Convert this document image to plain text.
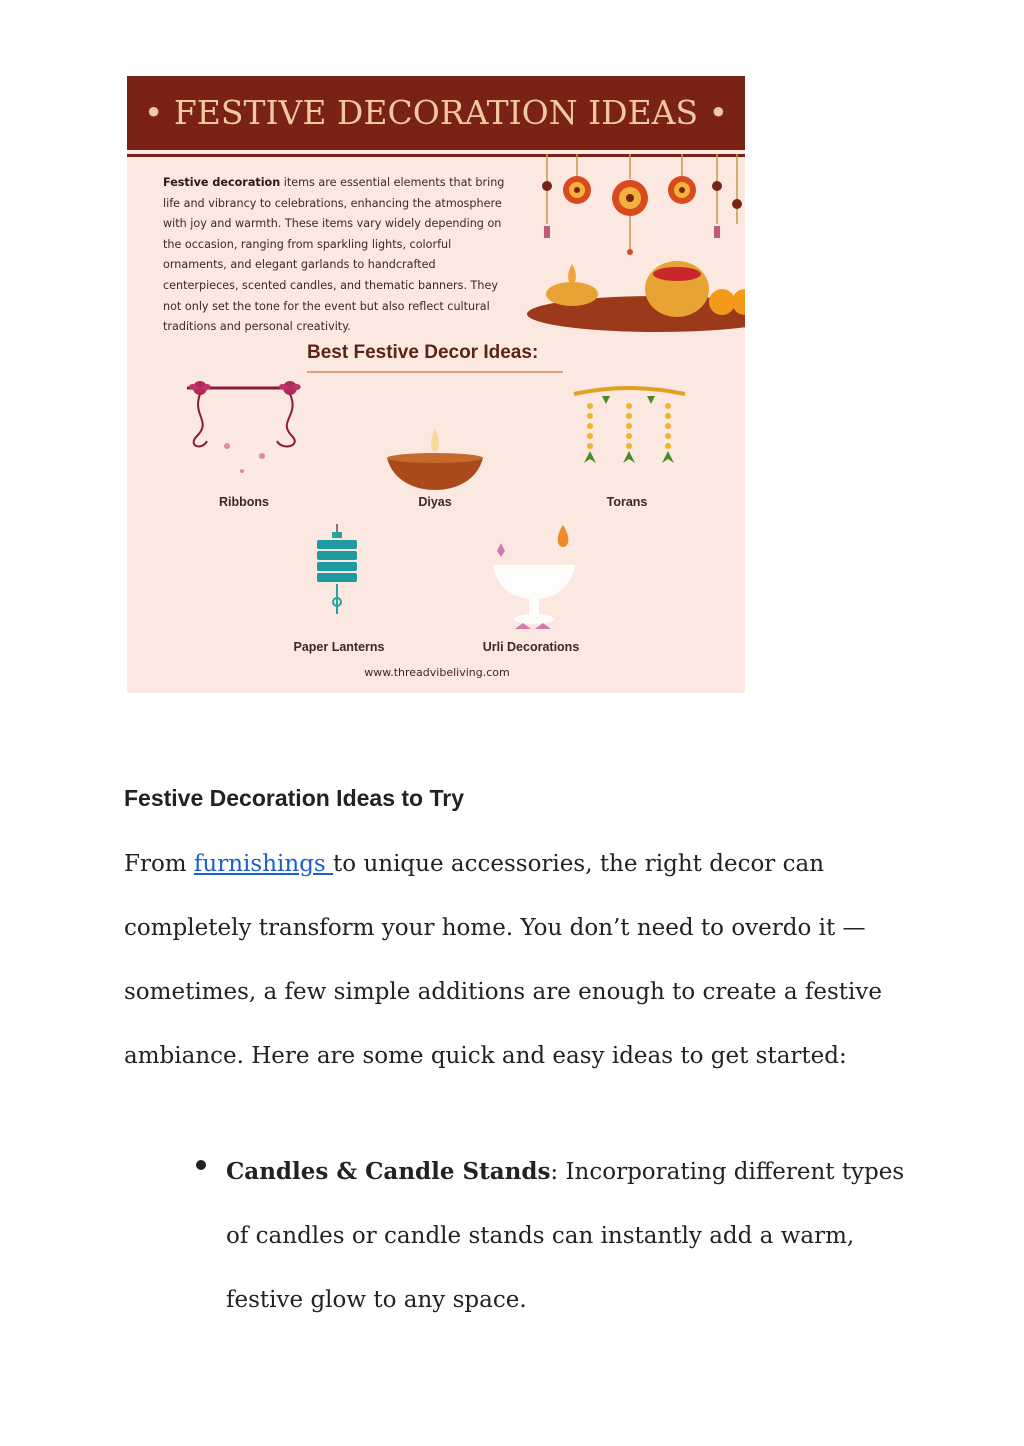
• FESTIVE DECORATION IDEAS •

Festive decoration items are essential elements that bring life and vibrancy to celebrations, enhancing the atmosphere with joy and warmth. These items vary widely depending on the occasion, ranging from sparkling lights, colorful ornaments, and elegant garlands to handcrafted centerpieces, scented candles, and thematic banners. They not only set the tone for the event but also reflect cultural traditions and personal creativity.

Best Festive Decor Ideas:
Ribbons	Diyas	Torans
Paper Lanterns	Urli Decorations
www.threadvibeliving.com
Festive Decoration Ideas to Try

From furnishings to unique accessories, the right decor can completely transform your home. You don’t need to overdo it — sometimes, a few simple additions are enough to create a festive ambiance. Here are some quick and easy ideas to get started:

Candles & Candle Stands: Incorporating different types of candles or candle stands can instantly add a warm, festive glow to any space.
